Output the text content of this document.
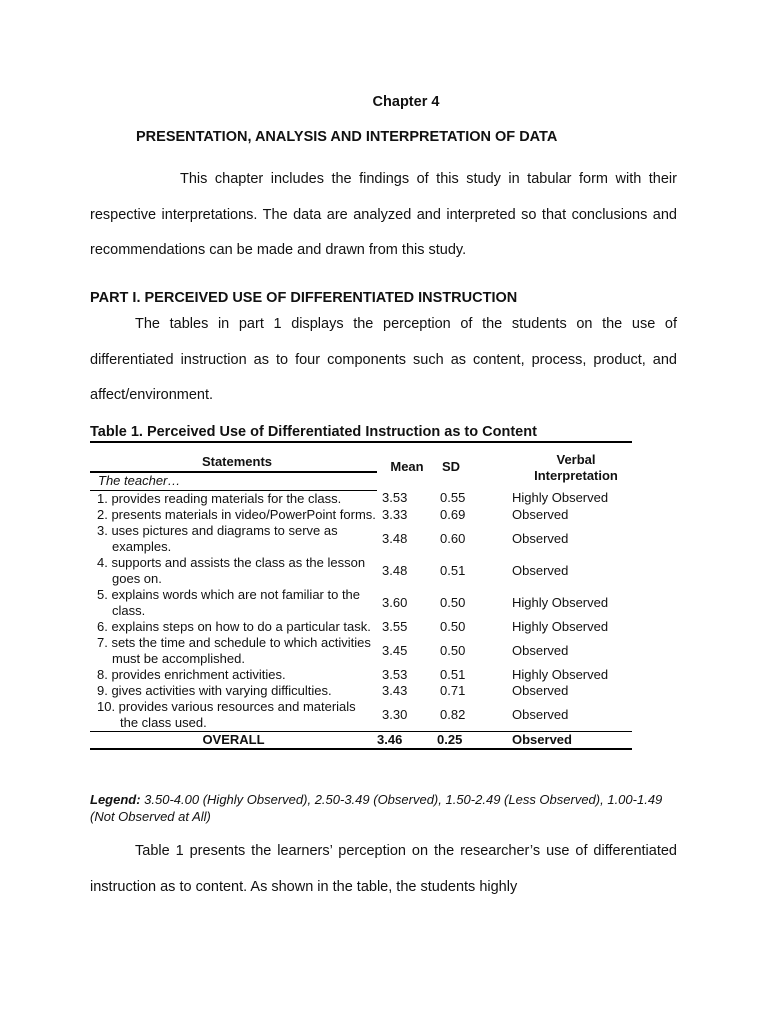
Chapter 4
PRESENTATION, ANALYSIS AND INTERPRETATION OF DATA

This chapter includes the findings of this study in tabular form with their respective interpretations. The data are analyzed and interpreted so that conclusions and recommendations can be made and drawn from this study.

PART I. PERCEIVED USE OF DIFFERENTIATED INSTRUCTION

The tables in part 1 displays the perception of the students on the use of differentiated instruction as to four components such as content, process, product, and affect/environment.

Table 1. Perceived Use of Differentiated Instruction as to Content
Statements	Mean	SD	Verbal Interpretation

The teacher…			

1. provides reading materials for the class.	3.53	0.55	Highly Observed

2. presents materials in video/PowerPoint forms.	3.33	0.69	Observed

3. uses pictures and diagrams to serve as examples.	3.48	0.60	Observed

4. supports and assists the class as the lesson goes on.	3.48	0.51	Observed

5. explains words which are not familiar to the class.	3.60	0.50	Highly Observed

6. explains steps on how to do a particular task.	3.55	0.50	Highly Observed

7. sets the time and schedule to which activities must be accomplished.	3.45	0.50	Observed

8. provides enrichment activities.	3.53	0.51	Highly Observed

9. gives activities with varying difficulties.	3.43	0.71	Observed

10. provides various resources and materials the class used.	3.30	0.82	Observed
OVERALL	3.46	0.25	Observed
Legend: 3.50-4.00 (Highly Observed), 2.50-3.49 (Observed), 1.50-2.49 (Less Observed), 1.00-1.49 (Not Observed at All)

Table 1 presents the learners’ perception on the researcher’s use of differentiated instruction as to content. As shown in the table, the students highly
